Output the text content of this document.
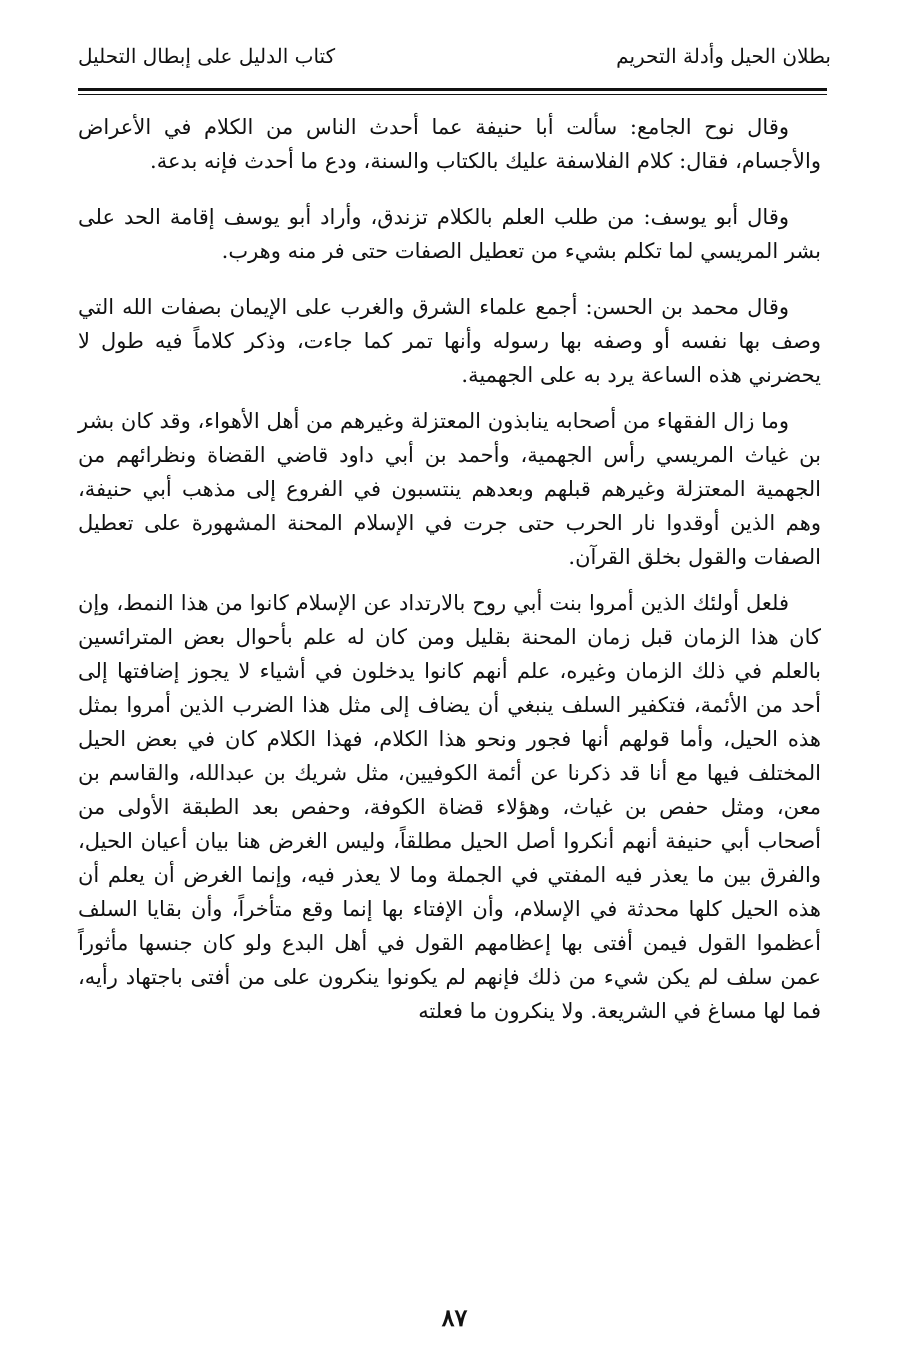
بطلان الحيل وأدلة التحريم
كتاب الدليل على إبطال التحليل

وقال نوح الجامع: سألت أبا حنيفة عما أحدث الناس من الكلام في الأعراض والأجسام، فقال: كلام الفلاسفة عليك بالكتاب والسنة، ودع ما أحدث فإنه بدعة.

وقال أبو يوسف: من طلب العلم بالكلام تزندق، وأراد أبو يوسف إقامة الحد على بشر المريسي لما تكلم بشيء من تعطيل الصفات حتى فر منه وهرب.

وقال محمد بن الحسن: أجمع علماء الشرق والغرب على الإيمان بصفات الله التي وصف بها نفسه أو وصفه بها رسوله وأنها تمر كما جاءت، وذكر كلاماً فيه طول لا يحضرني هذه الساعة يرد به على الجهمية.

وما زال الفقهاء من أصحابه ينابذون المعتزلة وغيرهم من أهل الأهواء، وقد كان بشر بن غياث المريسي رأس الجهمية، وأحمد بن أبي داود قاضي القضاة ونظرائهم من الجهمية المعتزلة وغيرهم قبلهم وبعدهم ينتسبون في الفروع إلى مذهب أبي حنيفة، وهم الذين أوقدوا نار الحرب حتى جرت في الإسلام المحنة المشهورة على تعطيل الصفات والقول بخلق القرآن.

فلعل أولئك الذين أمروا بنت أبي روح بالارتداد عن الإسلام كانوا من هذا النمط، وإن كان هذا الزمان قبل زمان المحنة بقليل ومن كان له علم بأحوال بعض المترائسين بالعلم في ذلك الزمان وغيره، علم أنهم كانوا يدخلون في أشياء لا يجوز إضافتها إلى أحد من الأئمة، فتكفير السلف ينبغي أن يضاف إلى مثل هذا الضرب الذين أمروا بمثل هذه الحيل، وأما قولهم أنها فجور ونحو هذا الكلام، فهذا الكلام كان في بعض الحيل المختلف فيها مع أنا قد ذكرنا عن أئمة الكوفيين، مثل شريك بن عبدالله، والقاسم بن معن، ومثل حفص بن غياث، وهؤلاء قضاة الكوفة، وحفص بعد الطبقة الأولى من أصحاب أبي حنيفة أنهم أنكروا أصل الحيل مطلقاً، وليس الغرض هنا بيان أعيان الحيل، والفرق بين ما يعذر فيه المفتي في الجملة وما لا يعذر فيه، وإنما الغرض أن يعلم أن هذه الحيل كلها محدثة في الإسلام، وأن الإفتاء بها إنما وقع متأخراً، وأن بقايا السلف أعظموا القول فيمن أفتى بها إعظامهم القول في أهل البدع ولو كان جنسها مأثوراً عمن سلف لم يكن شيء من ذلك فإنهم لم يكونوا ينكرون على من أفتى باجتهاد رأيه، فما لها مساغ في الشريعة. ولا ينكرون ما فعلته

٨٧
